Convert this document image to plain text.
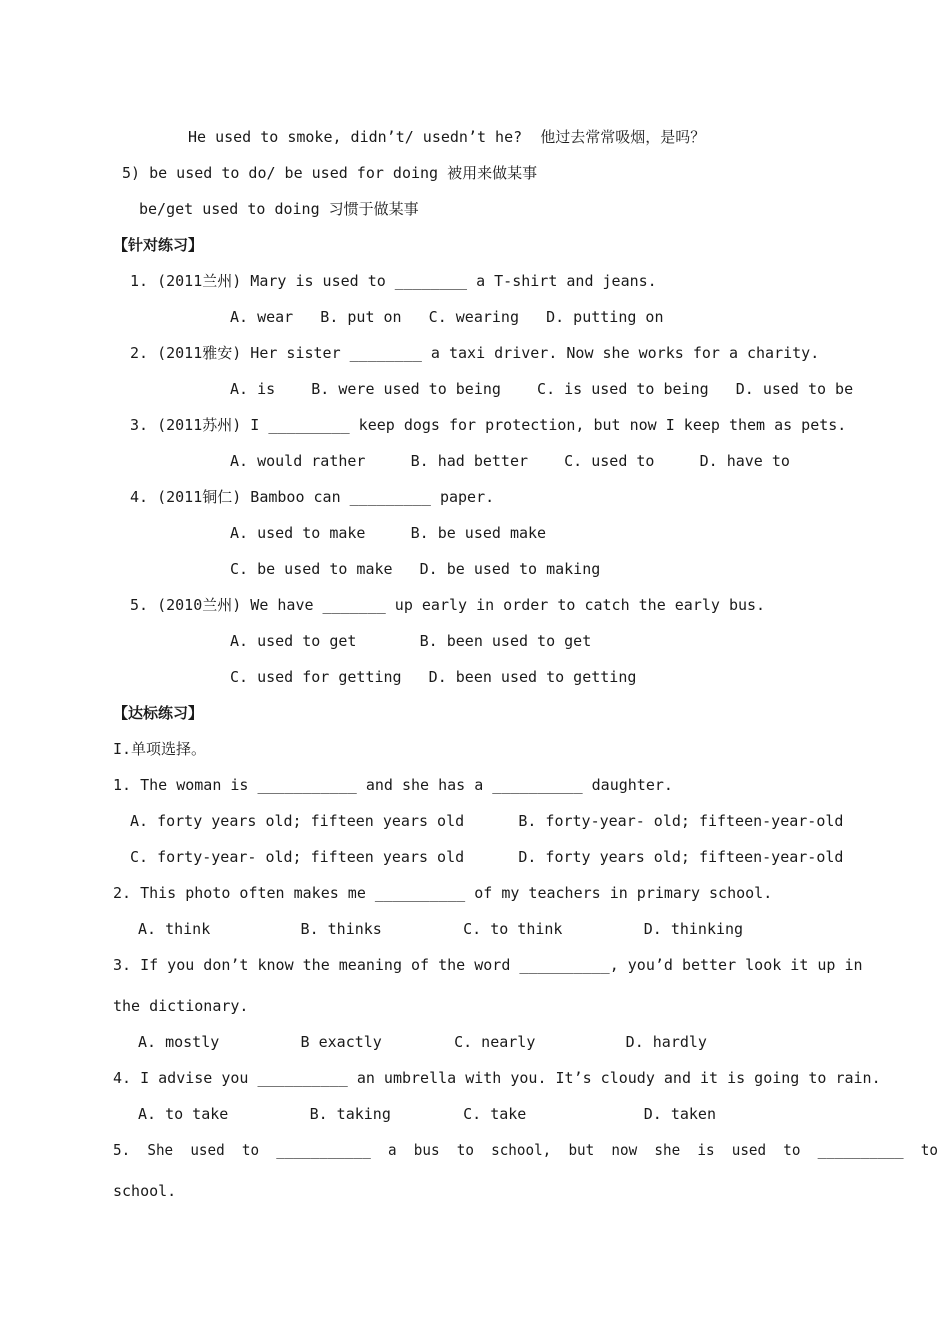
He used to smoke, didn’t/ usedn’t he?  他过去常常吸烟，是吗？
5) be used to do/ be used for doing 被用来做某事
be/get used to doing 习惯于做某事
【针对练习】
1. (2011兰州) Mary is used to ________ a T-shirt and jeans.
A. wear   B. put on   C. wearing   D. putting on
2. (2011雅安) Her sister ________ a taxi driver. Now she works for a charity.
A. is    B. were used to being    C. is used to being   D. used to be
3. (2011苏州) I _________ keep dogs for protection, but now I keep them as pets.
A. would rather     B. had better    C. used to     D. have to
4. (2011铜仁) Bamboo can _________ paper.
A. used to make     B. be used make
C. be used to make   D. be used to making
5. (2010兰州) We have _______ up early in order to catch the early bus.
A. used to get       B. been used to get
C. used for getting   D. been used to getting
【达标练习】
I.单项选择。
1. The woman is ___________ and she has a __________ daughter.
A. forty years old; fifteen years old      B. forty-year- old; fifteen-year-old
C. forty-year- old; fifteen years old      D. forty years old; fifteen-year-old
2. This photo often makes me __________ of my teachers in primary school.
A. think          B. thinks         C. to think         D. thinking
3. If you don’t know the meaning of the word __________, you’d better look it up in
the dictionary.
A. mostly         B exactly        C. nearly          D. hardly
4. I advise you __________ an umbrella with you. It’s cloudy and it is going to rain.
A. to take         B. taking        C. take             D. taken
5.  She  used  to  ___________  a  bus  to  school,  but  now  she  is  used  to  __________  to
school.
